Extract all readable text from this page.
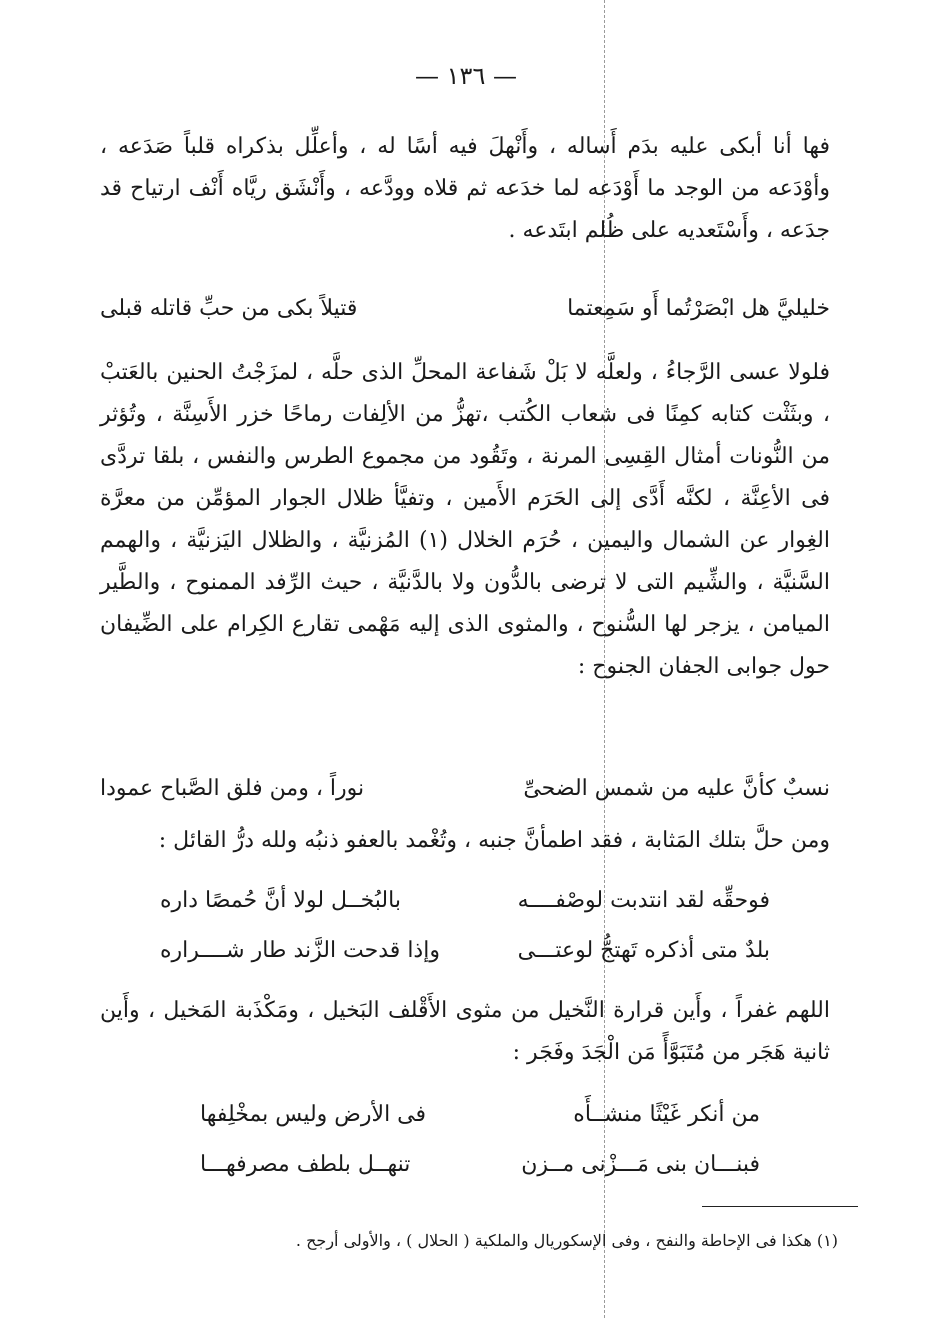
— ١٣٦ —

فها أنا أبكى عليه بدَم أَساله ، وأَنْهلَ فيه أسًا له ، وأعلِّل بذكراه قلباً صَدَعه ، وأوْدَعه من الوجد ما أَوْدَعه لما خدَعه ثم قلاه وودَّعه ، وأَنْشَق ريَّاه أَنْف ارتياح قد جدَعه ، وأَسْتَعديه على ظُلم ابتَدعه .

خليليَّ هل ابْصَرْتُما أَو سَمِعتما
قتيلاً بكى من حبِّ قاتله قبلى

فلولا عسى الرَّجاءُ ، ولعلَّه لا بَلْ شَفاعة المحلِّ الذى حلَّه ، لمزَجْتُ الحنين بالعَتبْ ، وبثَثْت كتابه كمِنًا فى شعاب الكُتب ،تهزُّ من الألِفات رماحًا خزر الأَسِنَّة ، وتُؤثر من النُّونات أمثال القِسِى المرنة ، وتَقُود من مجموع الطرس والنفس ، بلقا تردَّى فى الأعِنَّة ، لكنَّه أَدَّى إلى الحَرَم الأَمين ، وتفيَّأ ظلال الجوار المؤمِّن من معرَّة الغِوار عن الشمال واليمين ، حُرَم الخلال (١) المُزنيَّة ، والظلال اليَزنيَّة ، والهمم السَّنيَّة ، والشِّيم التى لا ترضى بالدُّون ولا بالدَّنيَّة ، حيث الرِّفد الممنوح ، والطَّير الميامن ، يزجر لها السُّنوح ، والمثوى الذى إليه مَهْمى تقارع الكِرام على الضِّيفان حول جوابى الجفان الجنوح :

نسبٌ كأنَّ عليه من شمس الضحىِّ
نوراً ، ومن فلق الصَّباح عمودا

ومن حلَّ بتلك المَثابة ، فقد اطمأنَّ جنبه ، وتُغْمد بالعفو ذنبُه ولله درُّ القائل :

فوحقِّه لقد انتدبت لوصْفــــه
بالبُخــل لولا أنَّ حُمصًا داره
بلدٌ متى أذكره تَهتجُّ لوعتـــى
وإذا قدحت الزَّند طار شــــراره

اللهم غفراً ، وأَين قرارة النَّخيل من مثوى الأَقْلف البَخيل ، ومَكْذَبة المَخيل ، وأَين ثانية هَجَر من مُتَبَوَّأً مَن الْجَدَ وفَجَر :

من أنكر غَيْثًا منشــأَه
فى الأرض وليس بمخْلِفها
فبنـــان بنى مَـــزْنى مــزن
تنهــل بلطف مصرفهـــا
(١) هكذا فى الإحاطة والنفح ، وفى الإسكوريال والملكية ( الحلال ) ، والأولى أرجح .
